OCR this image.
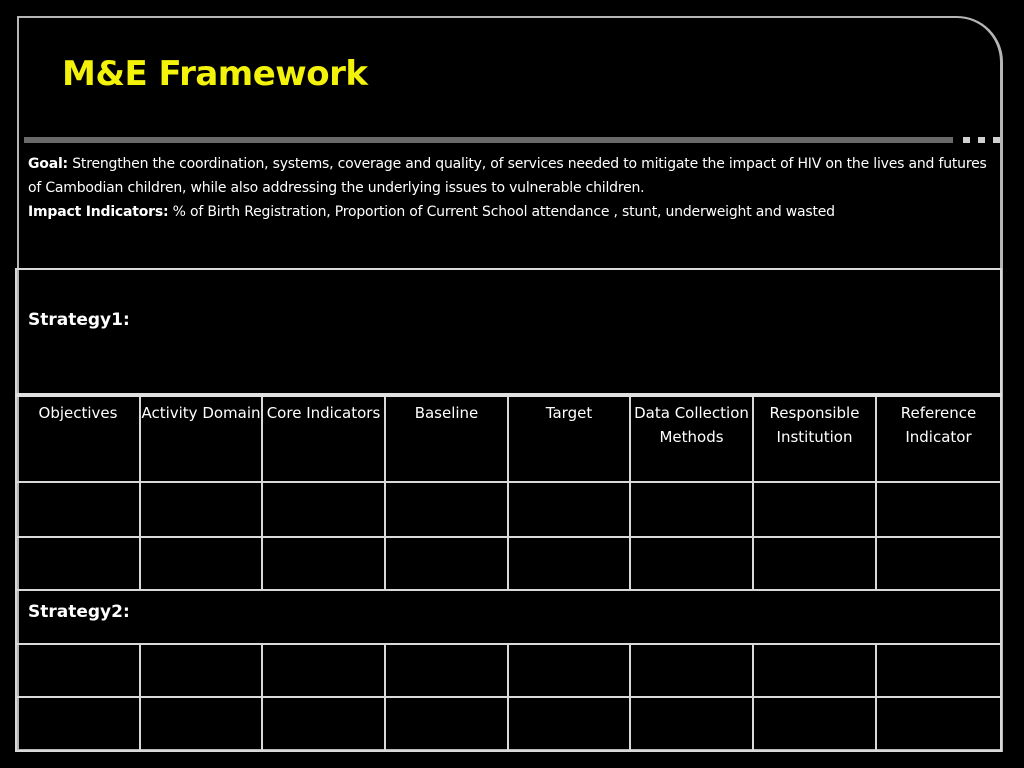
M&E Framework

Goal: Strengthen the coordination, systems, coverage and quality, of services needed to mitigate the impact of HIV on the lives and futures of Cambodian children, while also addressing the underlying issues to vulnerable children.

Impact Indicators: % of Birth Registration, Proportion of Current School attendance , stunt, underweight and wasted

Strategy1:							

Objectives	Activity Domain	Core Indicators	Baseline	Target	Data Collection Methods	Responsible Institution	Reference Indicator

Strategy2:							
